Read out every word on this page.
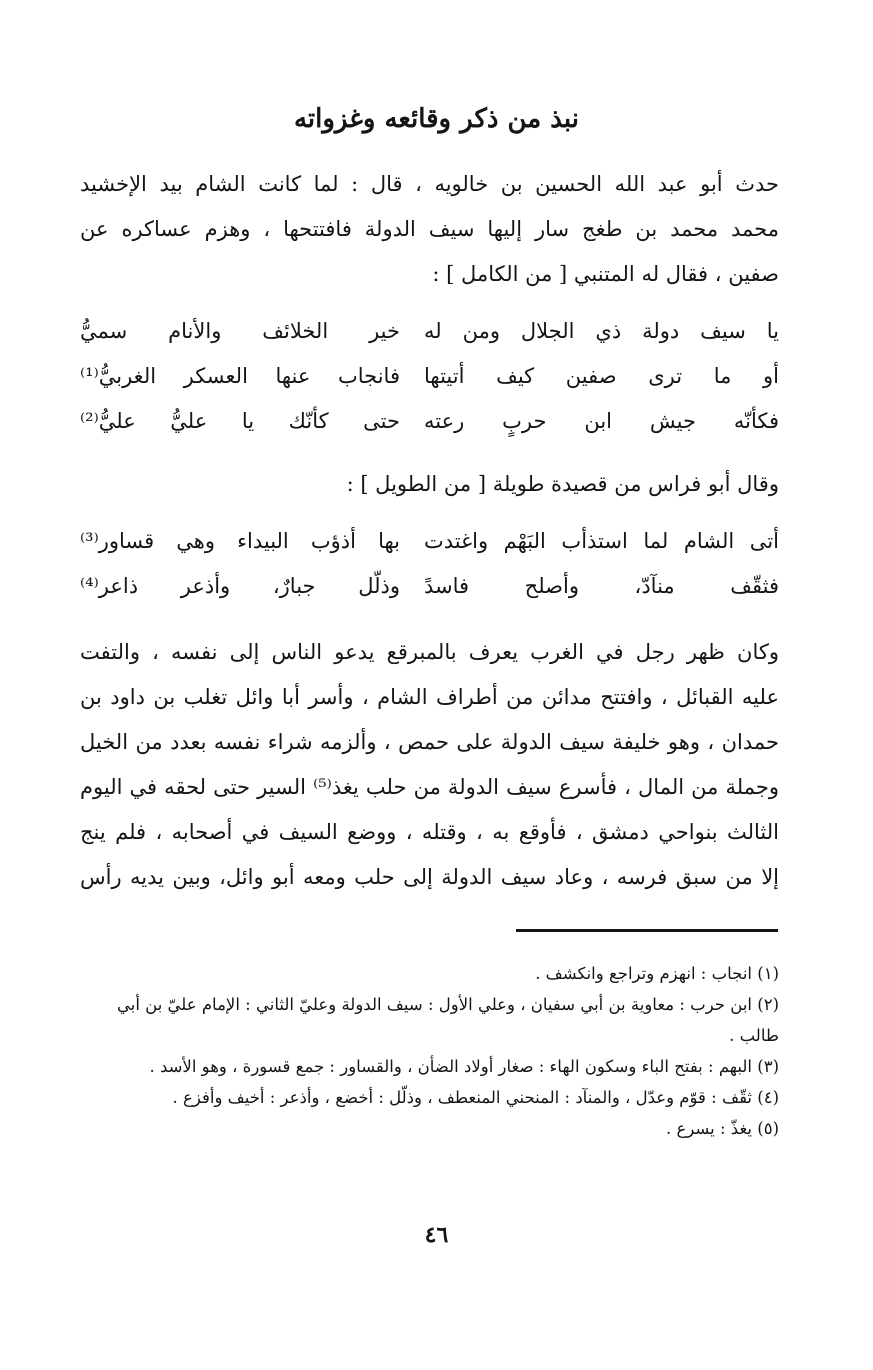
نبذ من ذكر وقائعه وغزواته

حدث أبو عبد الله الحسين بن خالويه ، قال : لما كانت الشام بيد الإخشيد
محمد محمد بن طغج سار إليها سيف الدولة فافتتحها ، وهزم عساكره عن
صفين ، فقال له المتنبي [ من الكامل ] :

يا سيف دولة ذي الجلال ومن له
خير الخلائف والأنام سميُّ
أو ما ترى صفين كيف أتيتها
فانجاب عنها العسكر الغربيُّ⁽¹⁾
فكأنّه جيش ابن حربٍ رعته
حتى كأنّك يا عليُّ عليُّ⁽²⁾

وقال أبو فراس من قصيدة طويلة [ من الطويل ] :

أتى الشام لما استذأب البَهْم واغتدت
بها أذؤب البيداء وهي قساور⁽³⁾
فثقّف منآدّ، وأصلح فاسدً
وذلّل جبارٌ، وأذعر ذاعر⁽⁴⁾

وكان ظهر رجل في الغرب يعرف بالمبرقع يدعو الناس إلى نفسه ، والتفت
عليه القبائل ، وافتتح مدائن من أطراف الشام ، وأسر أبا وائل تغلب بن داود بن
حمدان ، وهو خليفة سيف الدولة على حمص ، وألزمه شراء نفسه بعدد من الخيل
وجملة من المال ، فأسرع سيف الدولة من حلب يغذ⁽⁵⁾ السير حتى لحقه في اليوم
الثالث بنواحي دمشق ، فأوقع به ، وقتله ، ووضع السيف في أصحابه ، فلم ينج
إلا من سبق فرسه ، وعاد سيف الدولة إلى حلب ومعه أبو وائل، وبين يديه رأس

(١) انجاب : انهزم وتراجع وانكشف .
(٢) ابن حرب : معاوية بن أبي سفيان ، وعلي الأول : سيف الدولة وعليّ الثاني : الإمام عليّ بن أبي
طالب .
(٣) البهم : بفتح الباء وسكون الهاء : صغار أولاد الضأن ، والقساور : جمع قسورة ، وهو الأسد .
(٤) ثقّف : قوّم وعدّل ، والمنآد : المنحني المنعطف ، وذلّل : أخضع ، وأذعر : أخيف وأفزع .
(٥) يغذّ : يسرع .
٤٦
